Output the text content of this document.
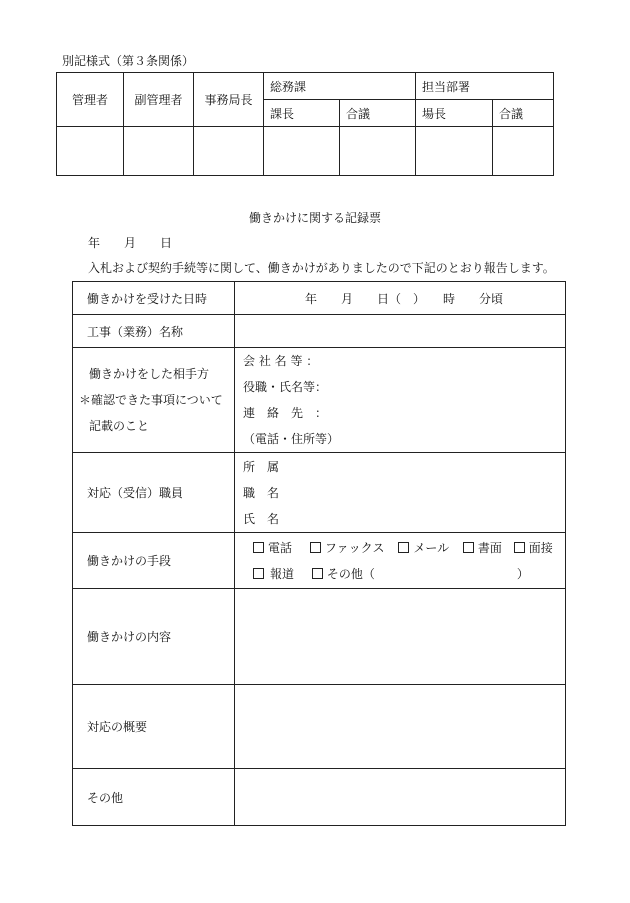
別記様式（第３条関係）
管理者	副管理者	事務局長	総務課		担当部署	
			課長	合議	場長	合議

働きかけに関する記録票
年　　月　　日
入札および契約手続等に関して、働きかけがありましたので下記のとおり報告します。
働きかけを受けた日時	年　　月　　日（　）　　時　　分頃
工事（業務）名称	

働きかけをした相手方
＊確認できた事項について
記載のこと	会 社 名 等 ：
役職・氏名等：
連　絡　先　：
（電話・住所等）

対応（受信）職員	所　属
職　名
氏　名

働きかけの手段	電話 ファックス メール 書面 面接
報道 その他（ ）

働きかけの内容	
対応の概要	
その他	
